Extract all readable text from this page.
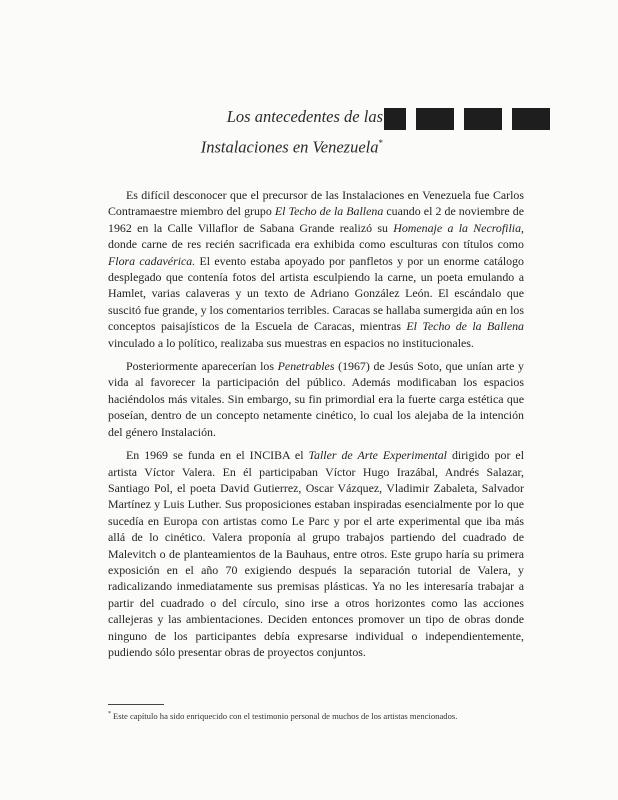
Los antecedentes de las
Instalaciones en Venezuela*

Es difícil desconocer que el precursor de las Instalaciones en Venezuela fue Carlos Contramaestre miembro del grupo El Techo de la Ballena cuando el 2 de noviembre de 1962 en la Calle Villaflor de Sabana Grande realizó su Homenaje a la Necrofilia, donde carne de res recién sacrificada era exhibida como esculturas con títulos como Flora cadavérica. El evento estaba apoyado por panfletos y por un enorme catálogo desplegado que contenía fotos del artista esculpiendo la carne, un poeta emulando a Hamlet, varias calaveras y un texto de Adriano González León. El escándalo que suscitó fue grande, y los comentarios terribles. Caracas se hallaba sumergida aún en los conceptos paisajísticos de la Escuela de Caracas, mientras El Techo de la Ballena vinculado a lo político, realizaba sus muestras en espacios no institucionales.

Posteriormente aparecerían los Penetrables (1967) de Jesús Soto, que unían arte y vida al favorecer la participación del público. Además modificaban los espacios haciéndolos más vitales. Sin embargo, su fin primordial era la fuerte carga estética que poseían, dentro de un concepto netamente cinético, lo cual los alejaba de la intención del género Instalación.

En 1969 se funda en el INCIBA el Taller de Arte Experimental dirigido por el artista Víctor Valera. En él participaban Víctor Hugo Irazábal, Andrés Salazar, Santiago Pol, el poeta David Gutierrez, Oscar Vázquez, Vladimir Zabaleta, Salvador Martínez y Luis Luther. Sus proposiciones estaban inspiradas esencialmente por lo que sucedía en Europa con artistas como Le Parc y por el arte experimental que iba más allá de lo cinético. Valera proponía al grupo trabajos partiendo del cuadrado de Malevitch o de planteamientos de la Bauhaus, entre otros. Este grupo haría su primera exposición en el año 70 exigiendo después la separación tutorial de Valera, y radicalizando inmediatamente sus premisas plásticas. Ya no les interesaría trabajar a partir del cuadrado o del círculo, sino irse a otros horizontes como las acciones callejeras y las ambientaciones. Deciden entonces promover un tipo de obras donde ninguno de los participantes debía expresarse individual o independientemente, pudiendo sólo presentar obras de proyectos conjuntos.

* Este capítulo ha sido enriquecido con el testimonio personal de muchos de los artistas mencionados.
